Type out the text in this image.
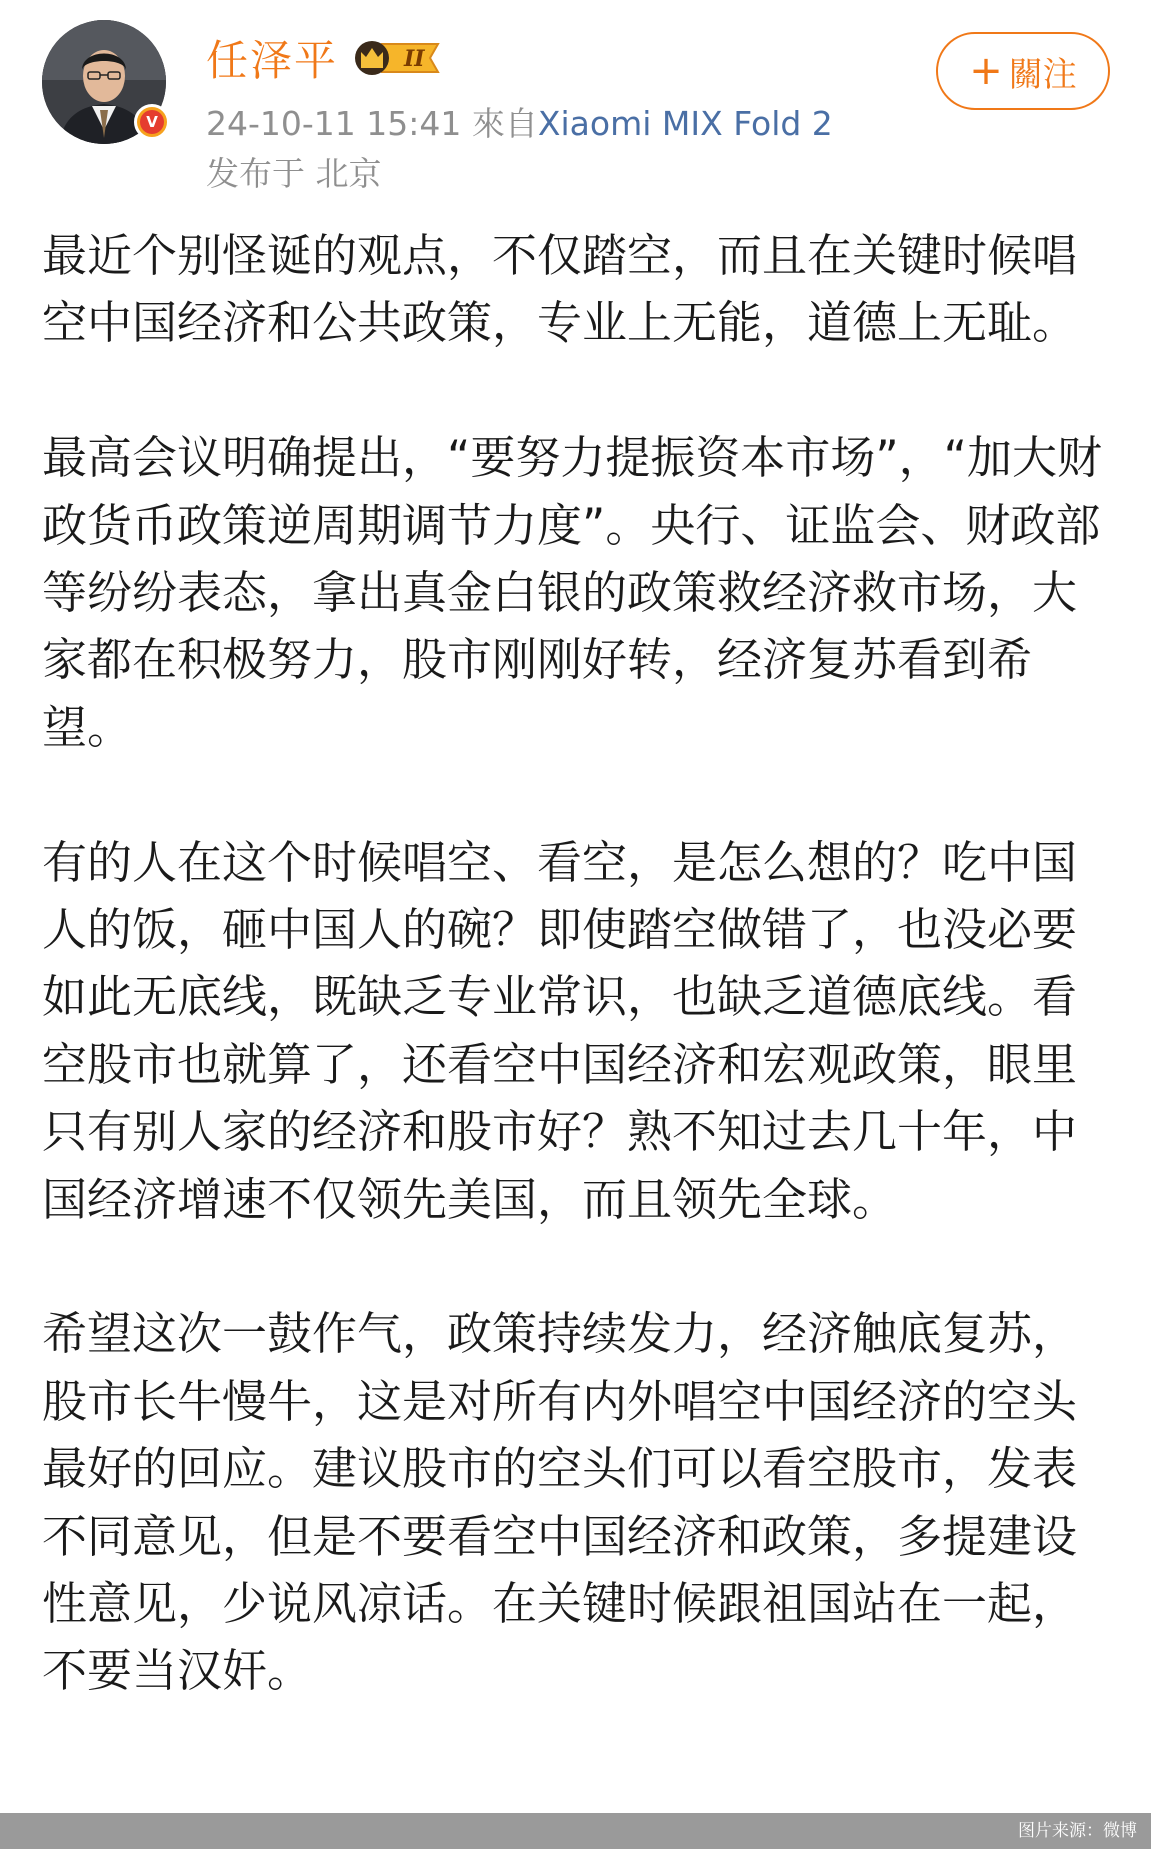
V
任泽平	II
24-10-11 15:41 來自Xiaomi MIX Fold 2
发布于 北京
+ 關注

最近个别怪诞的观点，不仅踏空，而且在关键时候唱空中国经济和公共政策，专业上无能，道德上无耻。

最高会议明确提出，“要努力提振资本市场”，“加大财政货币政策逆周期调节力度”。央行、证监会、财政部等纷纷表态，拿出真金白银的政策救经济救市场，大家都在积极努力，股市刚刚好转，经济复苏看到希望。

有的人在这个时候唱空、看空，是怎么想的？吃中国人的饭，砸中国人的碗？即使踏空做错了，也没必要如此无底线，既缺乏专业常识，也缺乏道德底线。看空股市也就算了，还看空中国经济和宏观政策，眼里只有别人家的经济和股市好？熟不知过去几十年，中国经济增速不仅领先美国，而且领先全球。

希望这次一鼓作气，政策持续发力，经济触底复苏，股市长牛慢牛，这是对所有内外唱空中国经济的空头最好的回应。建议股市的空头们可以看空股市，发表不同意见，但是不要看空中国经济和政策，多提建设性意见，少说风凉话。在关键时候跟祖国站在一起，不要当汉奸。

图片来源：微博
